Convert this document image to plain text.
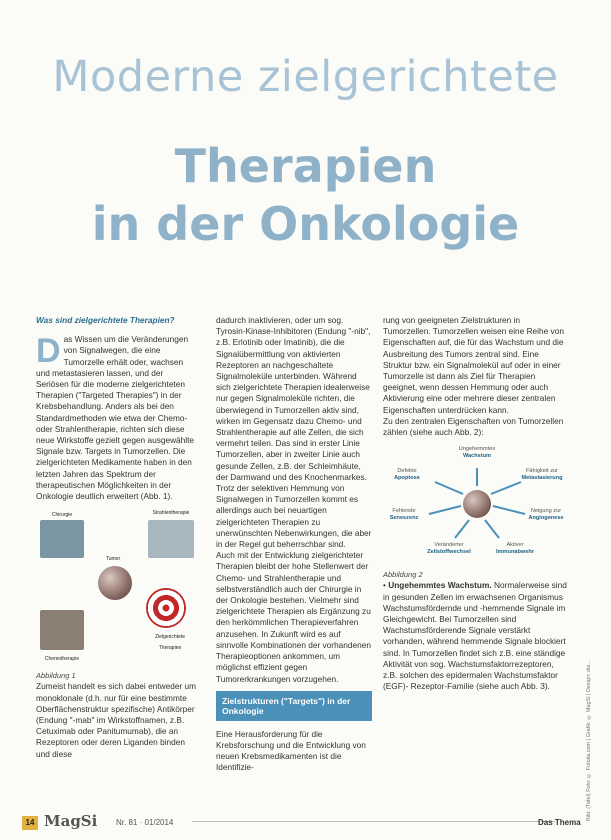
Moderne zielgerichtete
Therapien
in der Onkologie

Was sind zielgerichtete Therapien?

Das Wissen um die Veränderungen von Signalwegen, die eine Tumorzelle erhält oder, wachsen und metastasieren lassen, und der Seriösen für die moderne zielgerichteten Therapien ("Targeted Therapies") in der Krebsbehandlung. Anders als bei den Standardmethoden wie etwa der Chemo- oder Strahlentherapie, richten sich diese neue Wirkstoffe gezielt gegen ausgewählte Signale bzw. Targets in Tumorzellen. Die zielgerichteten Medikamente haben in den letzten Jahren das Spektrum der therapeutischen Möglichkeiten in der Onkologie deutlich erweitert (Abb. 1).

Chirurgie	Strahlentherapie
Chemotherapie
Zielgerichtete Therapien
Tumor

Abbildung 1

Zumeist handelt es sich dabei entweder um monoklonale (d.h. nur für eine bestimmte Oberflächenstruktur spezifische) Antikörper (Endung "-mab" im Wirkstoffnamen, z.B. Cetuximab oder Panitumumab), die an Rezeptoren oder deren Liganden binden und diese

dadurch inaktivieren, oder um sog. Tyrosin-Kinase-Inhibitoren (Endung "-nib", z.B. Erlotinib oder Imatinib), die die Signalübermittlung von aktivierten Rezeptoren an nachgeschaltete Signalmoleküle unterbinden. Während sich zielgerichtete Therapien idealerweise nur gegen Signalmoleküle richten, die überwiegend in Tumorzellen aktiv sind, wirken im Gegensatz dazu Chemo- und Strahlentherapie auf alle Zellen, die sich vermehrt teilen. Das sind in erster Linie Tumorzellen, aber in zweiter Linie auch gesunde Zellen, z.B. der Schleimhäute, der Darmwand und des Knochenmarkes. Trotz der selektiven Hemmung von Signalwegen in Tumorzellen kommt es allerdings auch bei neuartigen zielgerichteten Therapien zu unerwünschten Nebenwirkungen, die aber in der Regel gut beherrschbar sind.

Auch mit der Entwicklung zielgerichteter Therapien bleibt der hohe Stellenwert der Chemo- und Strahlentherapie und selbstverständlich auch der Chirurgie in der Onkologie bestehen. Vielmehr sind zielgerichtete Therapien als Ergänzung zu den herkömmlichen Therapieverfahren anzusehen. In Zukunft wird es auf sinnvolle Kombinationen der vorhandenen Therapieoptionen ankommen, um möglichst effizient gegen Tumorerkrankungen vorzugehen.

Zielstrukturen ("Targets") in der Onkologie

Eine Herausforderung für die Krebsforschung und die Entwicklung von neuen Krebsmedikamenten ist die Identifizie-

rung von geeigneten Zielstrukturen in Tumorzellen. Tumorzellen weisen eine Reihe von Eigenschaften auf, die für das Wachstum und die Ausbreitung des Tumors zentral sind. Eine Struktur bzw. ein Signalmolekül auf oder in einer Tumorzelle ist dann als Ziel für Therapien geeignet, wenn dessen Hemmung oder auch Aktivierung eine oder mehrere dieser zentralen Eigenschaften unterdrücken kann.

Zu den zentralen Eigenschaften von Tumorzellen zählen (siehe auch Abb. 2):

Ungehemmtes
Wachstum
Defekte
Apoptose
Fähigkeit zur
Metastasierung
Fehlende
Seneszenz
Neigung zur
Angiogenese
Veränderter
Zellstoffwechsel
Aktiver
Immunabwehr

Abbildung 2

• Ungehemmtes Wachstum. Normalerweise sind in gesunden Zellen im erwachsenen Organismus Wachstumsfördernde und -hemmende Signale im Gleichgewicht. Bei Tumorzellen sind Wachstumsförderende Signale verstärkt vorhanden, während hemmende Signale blockiert sind. In Tumorzellen findet sich z.B. eine ständige Aktivität von sog. Wachstumsfaktorrezeptoren, z.B. solchen des epidermalen Wachstumsfaktor (EGF)- Rezeptor-Familie (siehe auch Abb. 3).	Bild: (Tafel) Foto: © Fotolia.com | Grafik: © MagSi | Design: die...
14 MagSi Nr. 81 · 01/2014	Das Thema
